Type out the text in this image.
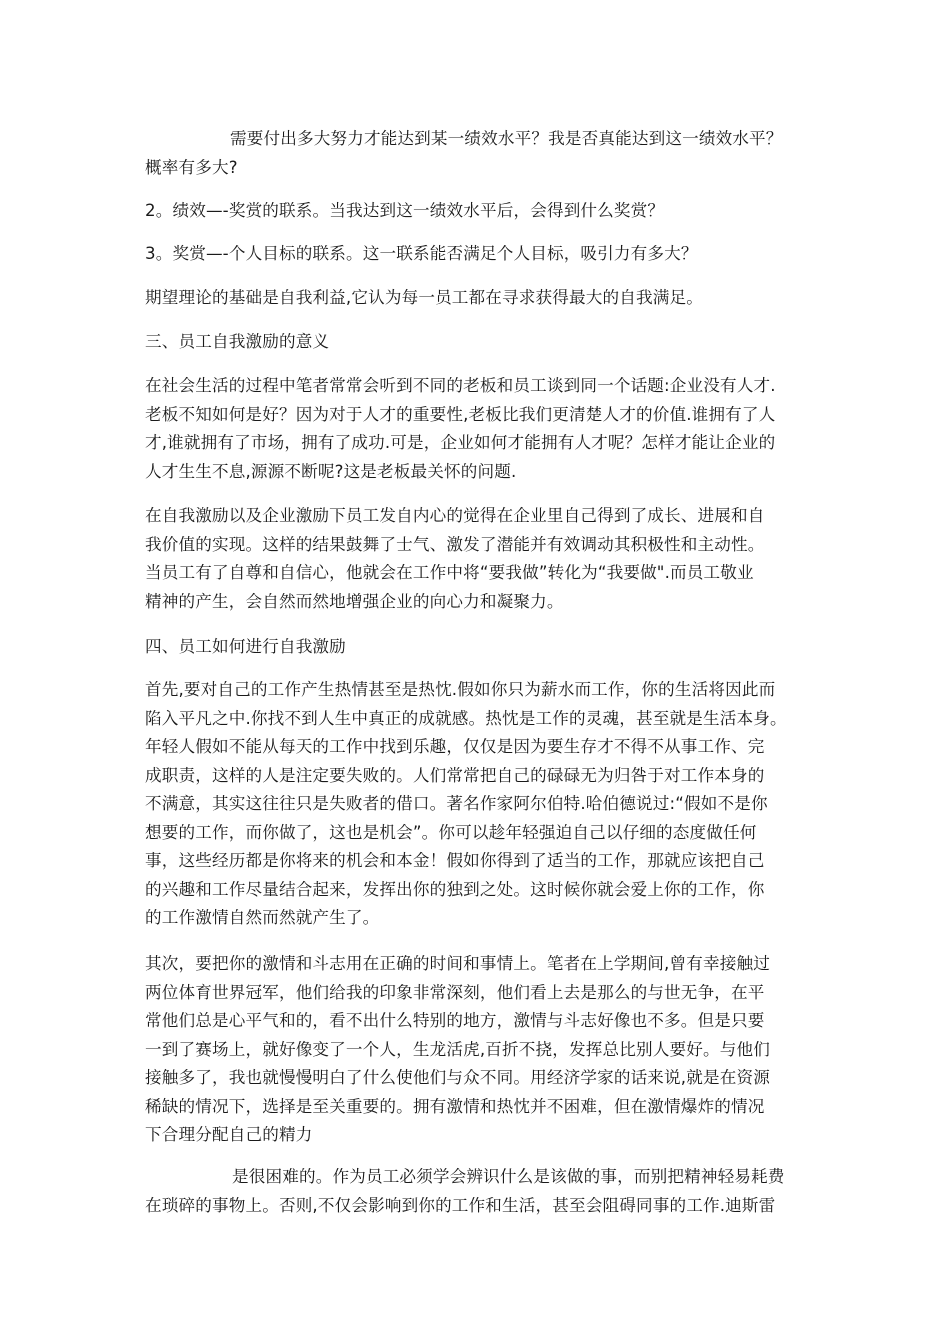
需要付出多大努力才能达到某一绩效水平？我是否真能达到这一绩效水平？
概率有多大?

2。绩效—-奖赏的联系。当我达到这一绩效水平后，会得到什么奖赏？

3。奖赏—-个人目标的联系。这一联系能否满足个人目标，吸引力有多大？

期望理论的基础是自我利益,它认为每一员工都在寻求获得最大的自我满足。

三、员工自我激励的意义

在社会生活的过程中笔者常常会听到不同的老板和员工谈到同一个话题:企业没有人才.
老板不知如何是好？因为对于人才的重要性,老板比我们更清楚人才的价值.谁拥有了人
才,谁就拥有了市场，拥有了成功.可是，企业如何才能拥有人才呢？怎样才能让企业的
人才生生不息,源源不断呢?这是老板最关怀的问题.

在自我激励以及企业激励下员工发自内心的觉得在企业里自己得到了成长、进展和自
我价值的实现。这样的结果鼓舞了士气、激发了潜能并有效调动其积极性和主动性。
当员工有了自尊和自信心，他就会在工作中将“要我做”转化为“我要做".而员工敬业
精神的产生，会自然而然地增强企业的向心力和凝聚力。

四、员工如何进行自我激励

首先,要对自己的工作产生热情甚至是热忱.假如你只为薪水而工作，你的生活将因此而
陷入平凡之中.你找不到人生中真正的成就感。热忱是工作的灵魂，甚至就是生活本身。
年轻人假如不能从每天的工作中找到乐趣，仅仅是因为要生存才不得不从事工作、完
成职责，这样的人是注定要失败的。人们常常把自己的碌碌无为归咎于对工作本身的
不满意，其实这往往只是失败者的借口。著名作家阿尔伯特.哈伯德说过:“假如不是你
想要的工作，而你做了，这也是机会”。你可以趁年轻强迫自己以仔细的态度做任何
事，这些经历都是你将来的机会和本金！假如你得到了适当的工作，那就应该把自己
的兴趣和工作尽量结合起来，发挥出你的独到之处。这时候你就会爱上你的工作，你
的工作激情自然而然就产生了。

其次，要把你的激情和斗志用在正确的时间和事情上。笔者在上学期间,曾有幸接触过
两位体育世界冠军，他们给我的印象非常深刻，他们看上去是那么的与世无争，在平
常他们总是心平气和的，看不出什么特别的地方，激情与斗志好像也不多。但是只要
一到了赛场上，就好像变了一个人，生龙活虎,百折不挠，发挥总比别人要好。与他们
接触多了，我也就慢慢明白了什么使他们与众不同。用经济学家的话来说,就是在资源
稀缺的情况下，选择是至关重要的。拥有激情和热忱并不困难，但在激情爆炸的情况
下合理分配自己的精力

是很困难的。作为员工必须学会辨识什么是该做的事，而别把精神轻易耗费
在琐碎的事物上。否则,不仅会影响到你的工作和生活，甚至会阻碍同事的工作.迪斯雷
